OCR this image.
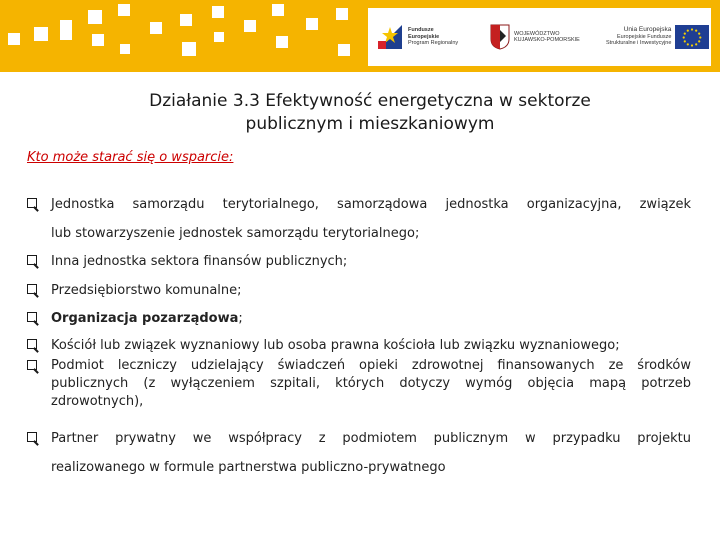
Fundusze
Europejskie
Program Regionalny
WOJEWÓDZTWO
KUJAWSKO-POMORSKIE
Unia Europejska
Europejskie Fundusze
Strukturalne i Inwestycyjne
Działanie 3.3 Efektywność energetyczna w sektorze
publicznym i mieszkaniowym
Kto może starać się o wsparcie:
Jednostka samorządu terytorialnego, samorządowa jednostka organizacyjna, związek
lub stowarzyszenie jednostek samorządu terytorialnego;
Inna jednostka sektora finansów publicznych;
Przedsiębiorstwo komunalne;
Organizacja pozarządowa;
Kościół lub związek wyznaniowy lub osoba prawna kościoła lub związku wyznaniowego;
Podmiot leczniczy udzielający świadczeń opieki zdrowotnej finansowanych ze środków
publicznych (z wyłączeniem szpitali, których dotyczy wymóg objęcia mapą potrzeb
zdrowotnych),
Partner prywatny we współpracy z podmiotem publicznym w przypadku projektu
realizowanego w formule partnerstwa publiczno-prywatnego
